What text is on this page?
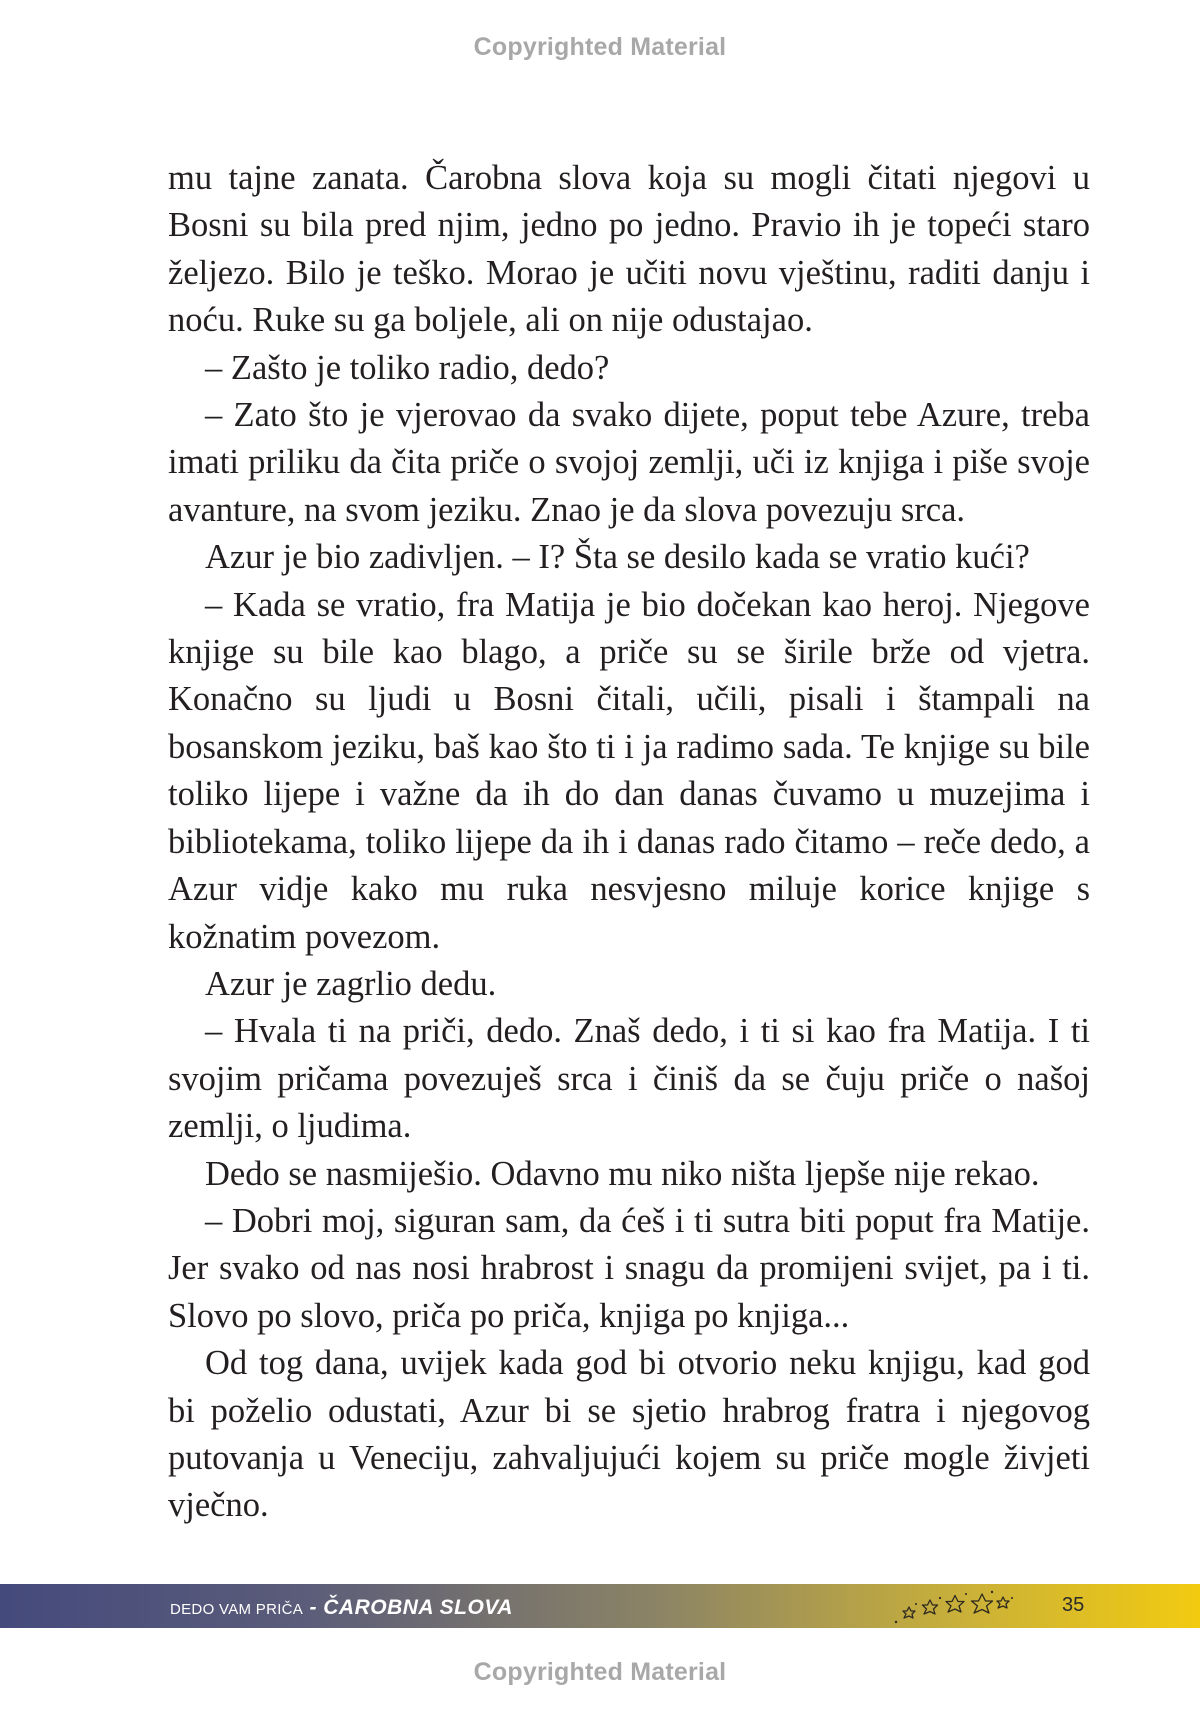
Copyrighted Material

mu tajne zanata. Čarobna slova koja su mogli čitati njegovi u Bosni su bila pred njim, jedno po jedno. Pravio ih je topeći staro željezo. Bilo je teško. Morao je učiti novu vještinu, raditi danju i noću. Ruke su ga boljele, ali on nije odustajao.

– Zašto je toliko radio, dedo?

– Zato što je vjerovao da svako dijete, poput tebe Azure, treba imati priliku da čita priče o svojoj zemlji, uči iz knjiga i piše svoje avanture, na svom jeziku. Znao je da slova povezuju srca.

Azur je bio zadivljen. – I? Šta se desilo kada se vratio kući?

– Kada se vratio, fra Matija je bio dočekan kao heroj. Njegove knjige su bile kao blago, a priče su se širile brže od vjetra. Konačno su ljudi u Bosni čitali, učili, pisali i štampali na bosanskom jeziku, baš kao što ti i ja radimo sada. Te knjige su bile toliko lijepe i važne da ih do dan danas čuvamo u muzejima i bibliotekama, toliko lijepe da ih i danas rado čitamo – reče dedo, a Azur vidje kako mu ruka nesvjesno miluje korice knjige s kožnatim povezom.

Azur je zagrlio dedu.

– Hvala ti na priči, dedo. Znaš dedo, i ti si kao fra Matija. I ti svojim pričama povezuješ srca i činiš da se čuju priče o našoj zemlji, o ljudima.

Dedo se nasmiješio. Odavno mu niko ništa ljepše nije rekao.

– Dobri moj, siguran sam, da ćeš i ti sutra biti poput fra Matije. Jer svako od nas nosi hrabrost i snagu da promijeni svijet, pa i ti. Slovo po slovo, priča po priča, knjiga po knjiga...

Od tog dana, uvijek kada god bi otvorio neku knjigu, kad god bi poželio odustati, Azur bi se sjetio hrabrog fratra i njegovog putovanja u Veneciju, zahvaljujući kojem su priče mogle živjeti vječno.

DEDO VAM PRIČA - ČAROBNA SLOVA	35
Copyrighted Material
